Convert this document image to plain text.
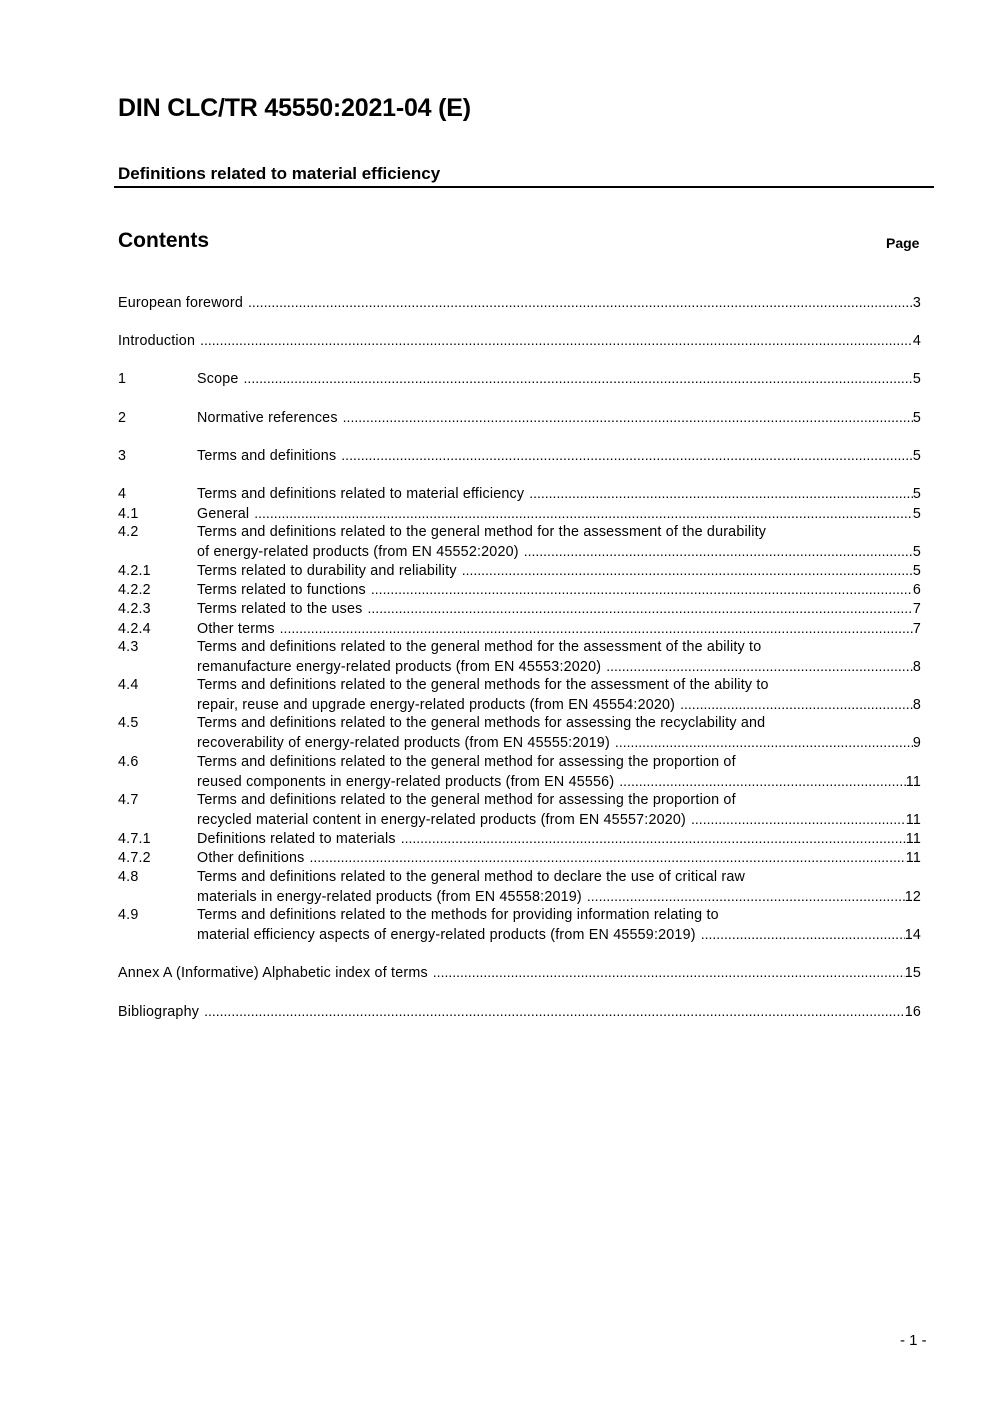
DIN CLC/TR 45550:2021-04 (E)
Definitions related to material efficiency
Contents	Page
European foreword .....	3
Introduction .....	4
1	Scope .....	5
2	Normative references .....	5
3	Terms and definitions .....	5
4	Terms and definitions related to material efficiency .....	5
4.1	General .....	5
4.2	Terms and definitions related to the general method for the assessment of the durability
of energy-related products (from EN 45552:2020) .....	5
4.2.1	Terms related to durability and reliability .....	5
4.2.2	Terms related to functions .....	6
4.2.3	Terms related to the uses .....	7
4.2.4	Other terms .....	7
4.3	Terms and definitions related to the general method for the assessment of the ability to
remanufacture energy-related products (from EN 45553:2020) .....	8
4.4	Terms and definitions related to the general methods for the assessment of the ability to
repair, reuse and upgrade energy-related products (from EN 45554:2020) .....	8
4.5	Terms and definitions related to the general methods for assessing the recyclability and
recoverability of energy-related products (from EN 45555:2019) .....	9
4.6	Terms and definitions related to the general method for assessing the proportion of
reused components in energy-related products (from EN 45556) .....	11
4.7	Terms and definitions related to the general method for assessing the proportion of
recycled material content in energy-related products (from EN 45557:2020) .....	11
4.7.1	Definitions related to materials .....	11
4.7.2	Other definitions .....	11
4.8	Terms and definitions related to the general method to declare the use of critical raw
materials in energy-related products (from EN 45558:2019) .....	12
4.9	Terms and definitions related to the methods for providing information relating to
material efficiency aspects of energy-related products (from EN 45559:2019) .....	14
Annex A (Informative) Alphabetic index of terms .....	15
Bibliography .....	16
- 1 -
